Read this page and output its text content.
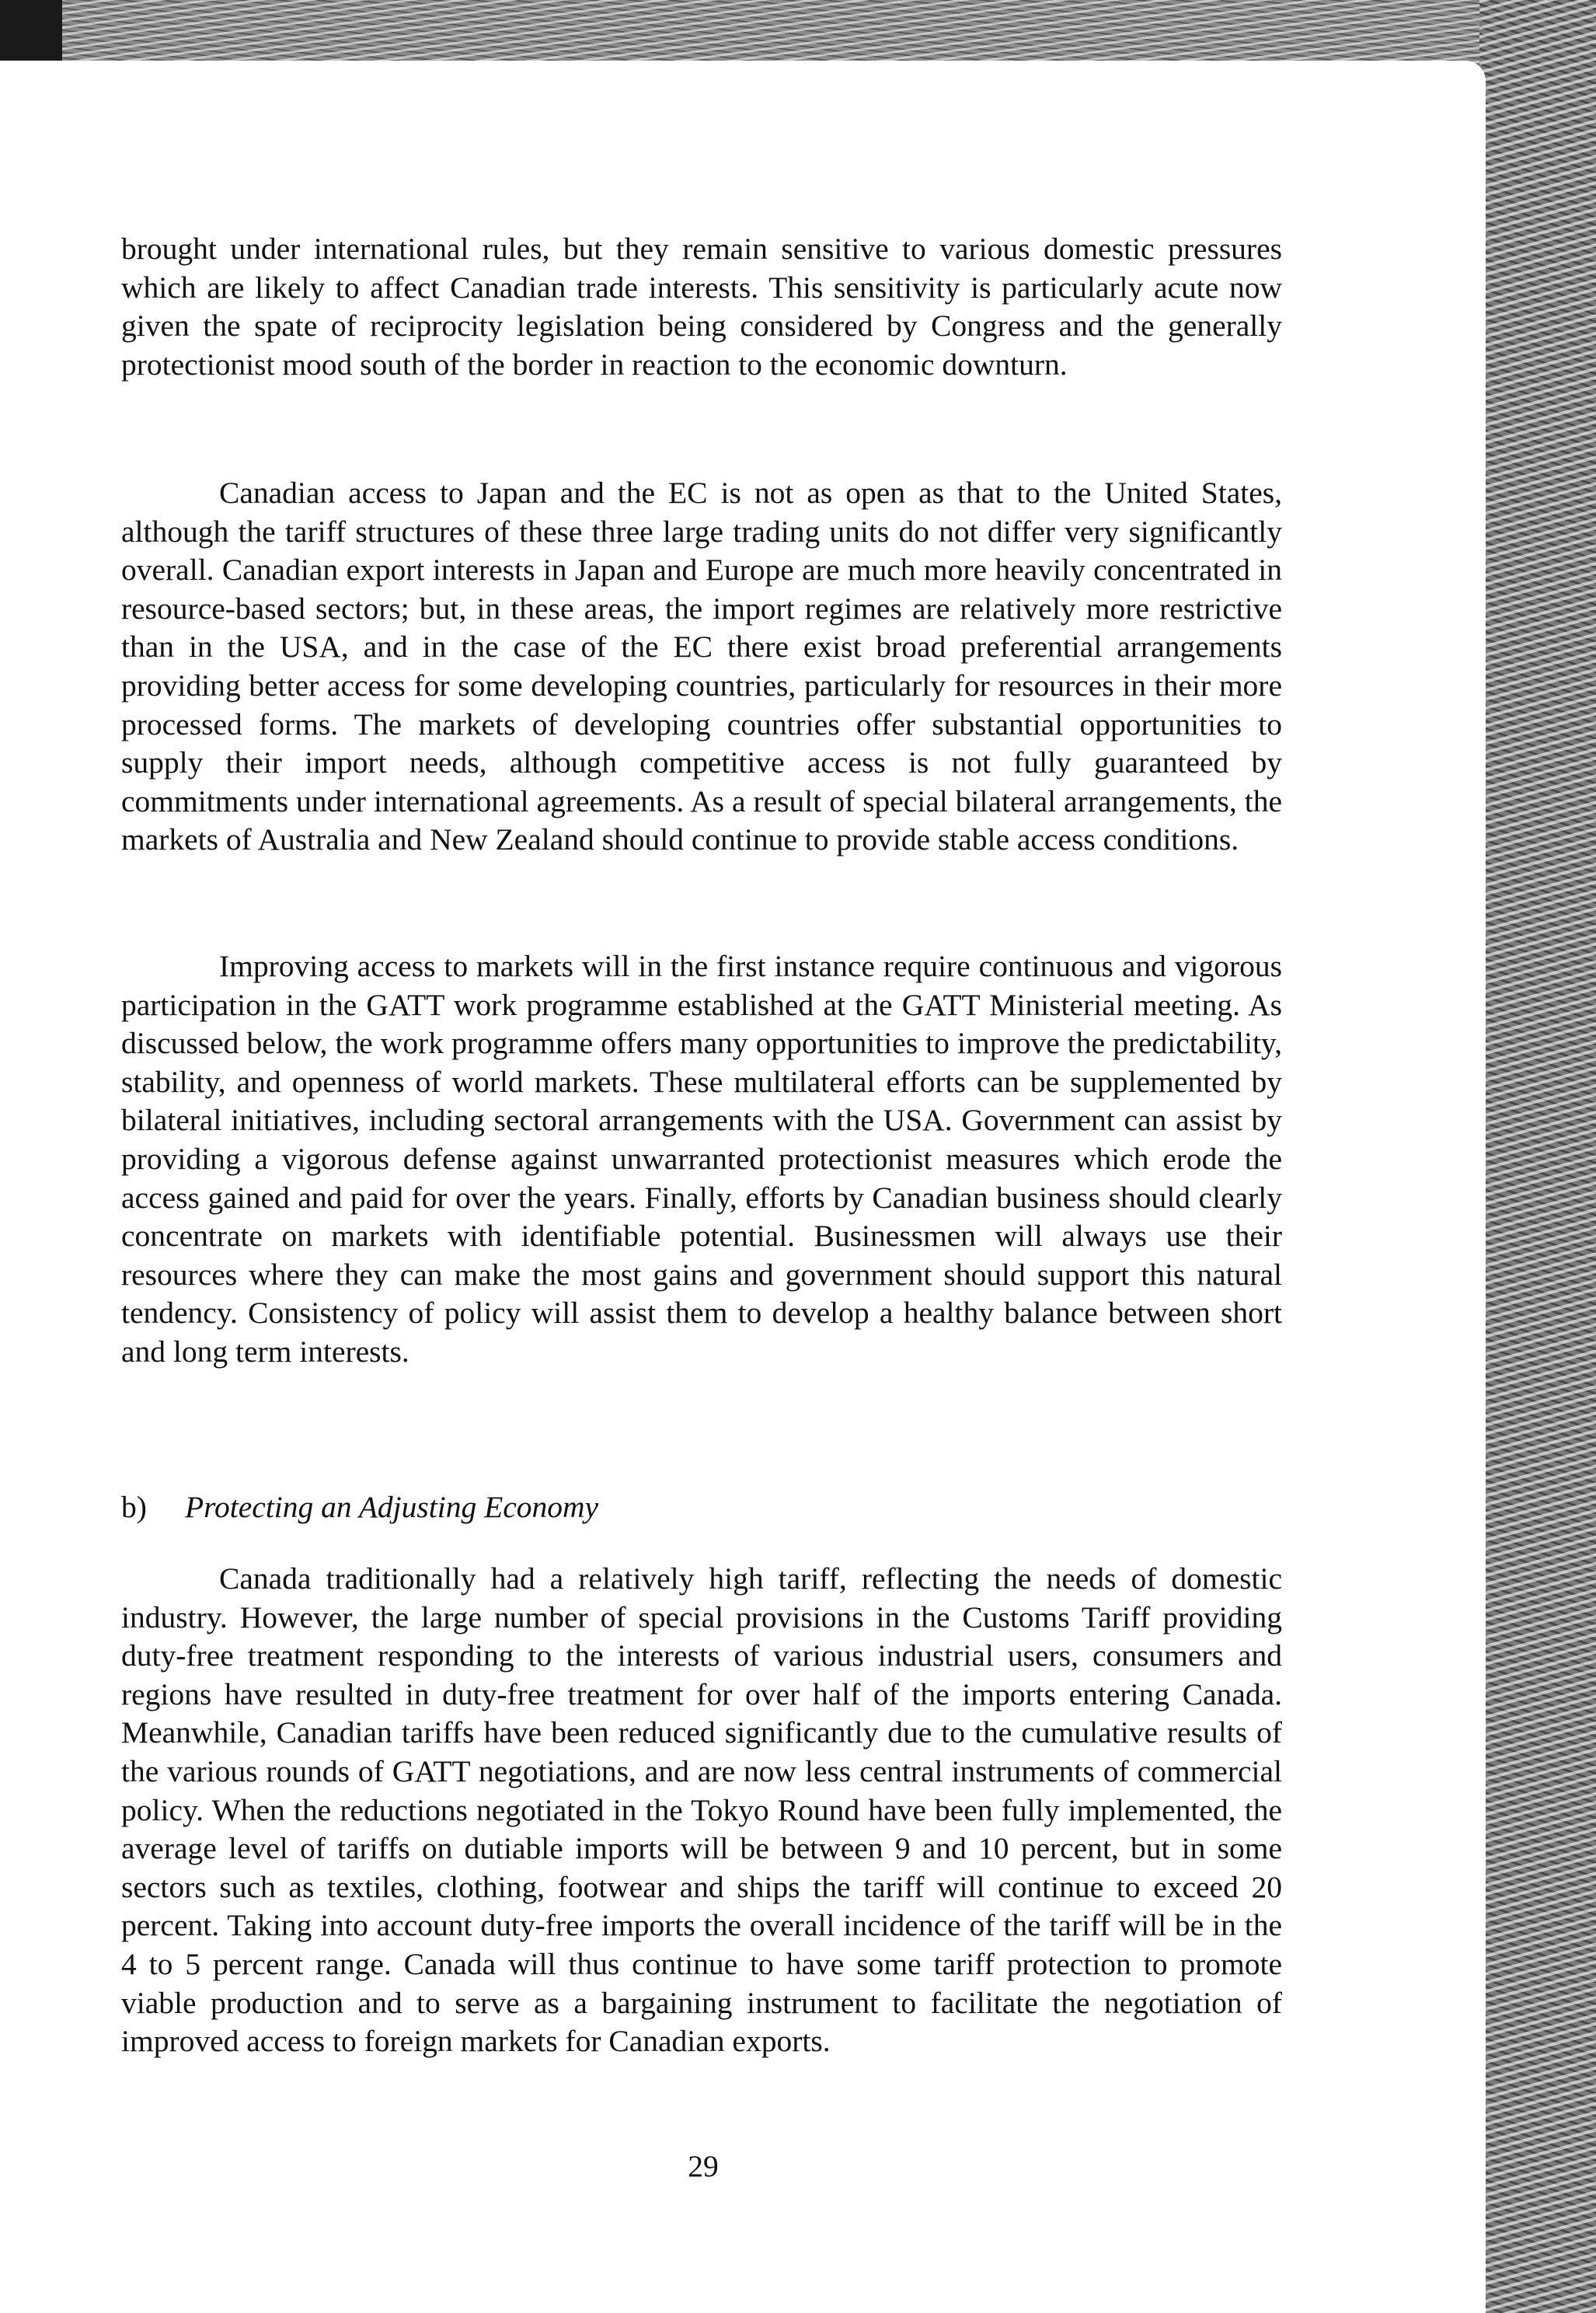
brought under international rules, but they remain sensitive to various domestic pressures which are likely to affect Canadian trade interests. This sensitivity is particularly acute now given the spate of reciprocity legislation being considered by Congress and the generally protectionist mood south of the border in reaction to the economic downturn.

Canadian access to Japan and the EC is not as open as that to the United States, although the tariff structures of these three large trading units do not differ very significantly overall. Canadian export interests in Japan and Europe are much more heavily concentrated in resource-based sectors; but, in these areas, the import regimes are relatively more restrictive than in the USA, and in the case of the EC there exist broad preferential arrangements providing better access for some developing countries, particularly for resources in their more processed forms. The markets of developing countries offer substantial opportunities to supply their import needs, although competitive access is not fully guaranteed by commitments under international agreements. As a result of special bilateral arrangements, the markets of Australia and New Zealand should continue to provide stable access conditions.

Improving access to markets will in the first instance require continuous and vigorous participation in the GATT work programme established at the GATT Ministerial meeting. As discussed below, the work programme offers many opportunities to improve the predictability, stability, and openness of world markets. These multilateral efforts can be supplemented by bilateral initiatives, including sectoral arrangements with the USA. Government can assist by providing a vigorous defense against unwarranted protectionist measures which erode the access gained and paid for over the years. Finally, efforts by Canadian business should clearly concentrate on markets with identifiable potential. Businessmen will always use their resources where they can make the most gains and government should support this natural tendency. Consistency of policy will assist them to develop a healthy balance between short and long term interests.

b) Protecting an Adjusting Economy

Canada traditionally had a relatively high tariff, reflecting the needs of domestic industry. However, the large number of special provisions in the Customs Tariff providing duty-free treatment responding to the interests of various industrial users, consumers and regions have resulted in duty-free treatment for over half of the imports entering Canada. Meanwhile, Canadian tariffs have been reduced significantly due to the cumulative results of the various rounds of GATT negotiations, and are now less central instruments of commercial policy. When the reductions negotiated in the Tokyo Round have been fully implemented, the average level of tariffs on dutiable imports will be between 9 and 10 percent, but in some sectors such as textiles, clothing, footwear and ships the tariff will continue to exceed 20 percent. Taking into account duty-free imports the overall incidence of the tariff will be in the 4 to 5 percent range. Canada will thus continue to have some tariff protection to promote viable production and to serve as a bargaining instrument to facilitate the negotiation of improved access to foreign markets for Canadian exports.

29
